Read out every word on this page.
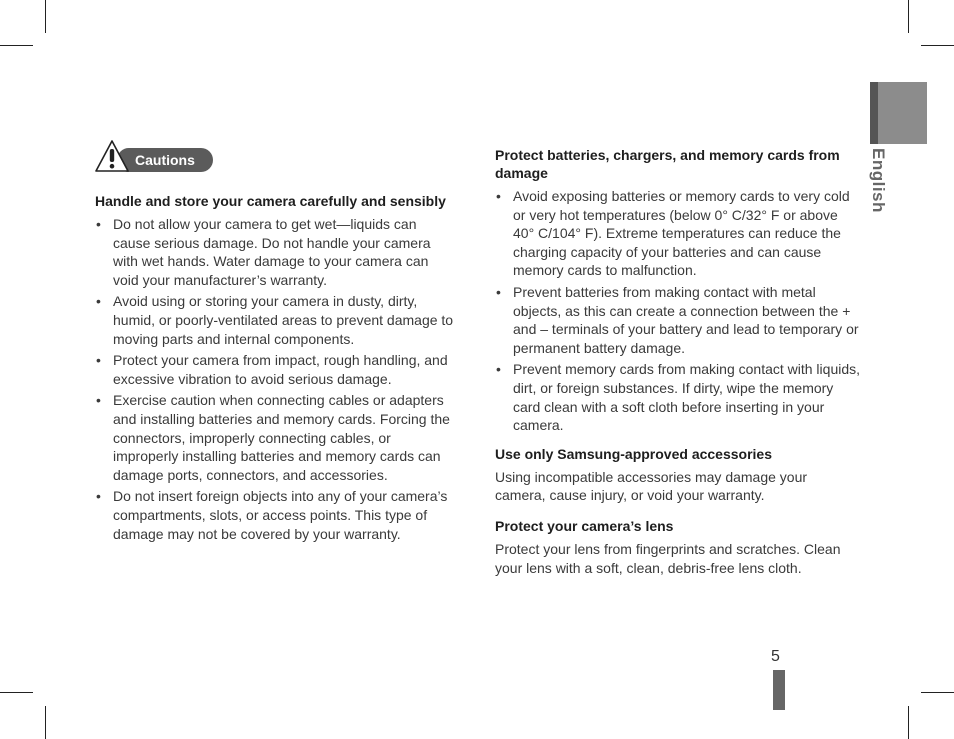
English
Cautions
Handle and store your camera carefully and sensibly
• Do not allow your camera to get wet—liquids can cause serious damage. Do not handle your camera with wet hands. Water damage to your camera can void your manufacturer’s warranty.
• Avoid using or storing your camera in dusty, dirty, humid, or poorly-ventilated areas to prevent damage to moving parts and internal components.
• Protect your camera from impact, rough handling, and excessive vibration to avoid serious damage.
• Exercise caution when connecting cables or adapters and installing batteries and memory cards. Forcing the connectors, improperly connecting cables, or improperly installing batteries and memory cards can damage ports, connectors, and accessories.
• Do not insert foreign objects into any of your camera’s compartments, slots, or access points. This type of damage may not be covered by your warranty.
Protect batteries, chargers, and memory cards from damage
• Avoid exposing batteries or memory cards to very cold or very hot temperatures (below 0° C/32° F or above 40° C/104° F). Extreme temperatures can reduce the charging capacity of your batteries and can cause memory cards to malfunction.
• Prevent batteries from making contact with metal objects, as this can create a connection between the + and – terminals of your battery and lead to temporary or permanent battery damage.
• Prevent memory cards from making contact with liquids, dirt, or foreign substances. If dirty, wipe the memory card clean with a soft cloth before inserting in your camera.
Use only Samsung-approved accessories

Using incompatible accessories may damage your camera, cause injury, or void your warranty.

Protect your camera’s lens

Protect your lens from fingerprints and scratches. Clean your lens with a soft, clean, debris-free lens cloth.

5
